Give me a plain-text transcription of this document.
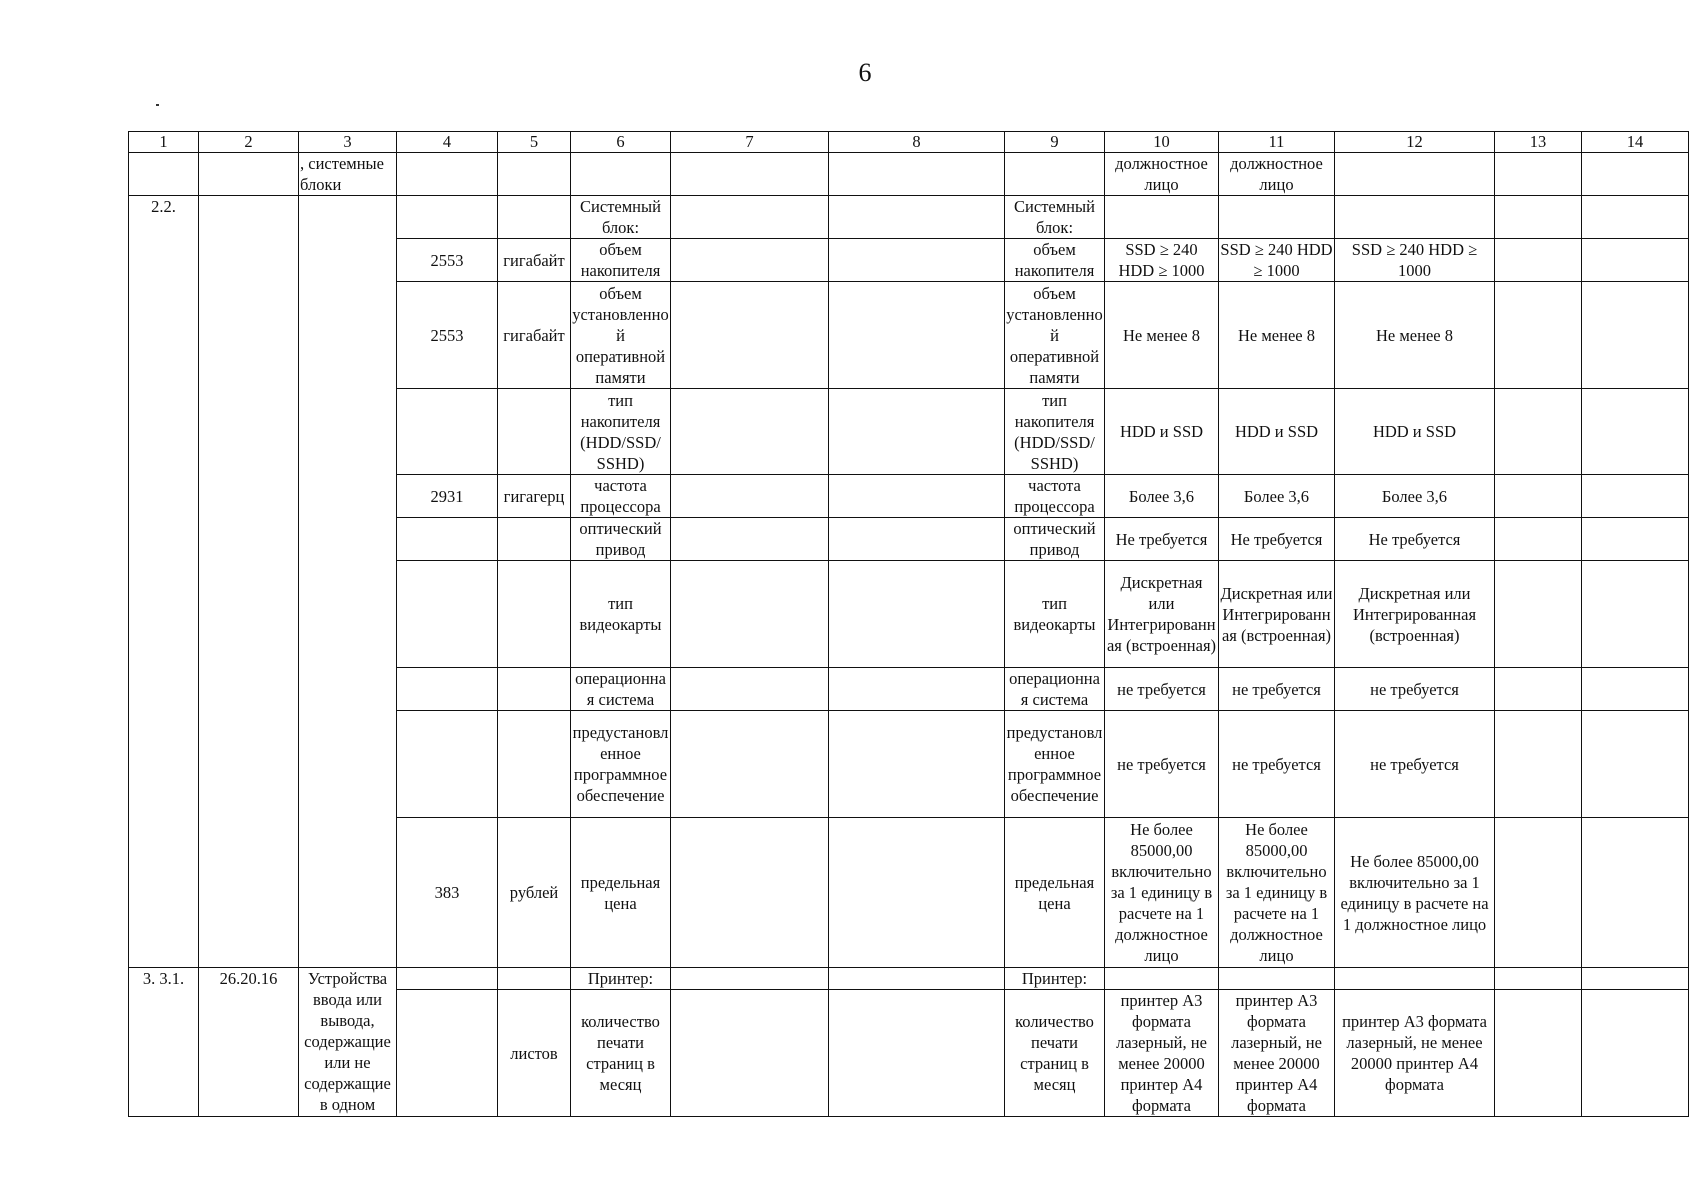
6
1	2	3	4	5	6	7	8	9	10	11	12	13	14
		, системные блоки							должностное лицо	должностное лицо			
2.2.					Системный блок:			Системный блок:					
			2553	гигабайт	объем накопителя			объем накопителя	SSD ≥ 240 HDD ≥ 1000	SSD ≥ 240 HDD ≥ 1000	SSD ≥ 240 HDD ≥ 1000		
			2553	гигабайт	объем установленной оперативной памяти			объем установленной оперативной памяти	Не менее 8	Не менее 8	Не менее 8		
					тип накопителя (HDD/SSD/ SSHD)			тип накопителя (HDD/SSD/ SSHD)	HDD и SSD	HDD и SSD	HDD и SSD		
			2931	гигагерц	частота процессора			частота процессора	Более 3,6	Более 3,6	Более 3,6		
					оптический привод			оптический привод	Не требуется	Не требуется	Не требуется		
					тип видеокарты			тип видеокарты	Дискретная или Интегрированная (встроенная)	Дискретная или Интегрированная (встроенная)	Дискретная или Интегрированная (встроенная)		
					операционная система			операционная система	не требуется	не требуется	не требуется		
					предустановленное программное обеспечение			предустановленное программное обеспечение	не требуется	не требуется	не требуется		
			383	рублей	предельная цена			предельная цена	Не более 85000,00 включительно за 1 единицу в расчете на 1 должностное лицо	Не более 85000,00 включительно за 1 единицу в расчете на 1 должностное лицо	Не более 85000,00 включительно за 1 единицу в расчете на 1 должностное лицо		
3. 3.1.	26.20.16	Устройства ввода или вывода, содержащие или не содержащие в одном			Принтер:			Принтер:					
				листов	количество печати страниц в месяц			количество печати страниц в месяц	принтер А3 формата лазерный, не менее 20000 принтер А4 формата	принтер А3 формата лазерный, не менее 20000 принтер А4 формата	принтер А3 формата лазерный, не менее 20000 принтер А4 формата		
